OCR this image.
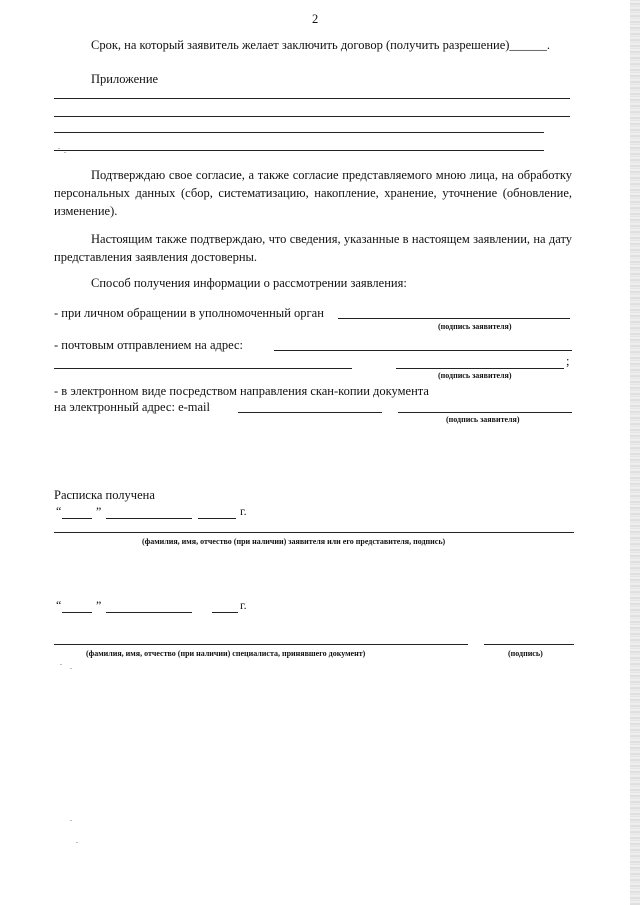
2
Срок, на который заявитель желает заключить договор (получить разрешение)______.
Приложение
Подтверждаю свое согласие, а также согласие представляемого мною лица, на обработку персональных данных (сбор, систематизацию, накопление, хранение, уточнение (обновление, изменение).
Настоящим также подтверждаю, что сведения, указанные в настоящем заявлении, на дату представления заявления достоверны.
Способ получения информации о рассмотрении заявления:
- при личном обращении в уполномоченный орган
(подпись заявителя)
- почтовым отправлением на адрес:
;
(подпись заявителя)
- в электронном виде посредством направления скан-копии документа
на электронный адрес: e-mail
(подпись заявителя)
Расписка получена
“	”	г.
(фамилия, имя, отчество (при наличии) заявителя или его представителя, подпись)
“	”	г.
(фамилия, имя, отчество (при наличии) специалиста, принявшего документ)	(подпись)
